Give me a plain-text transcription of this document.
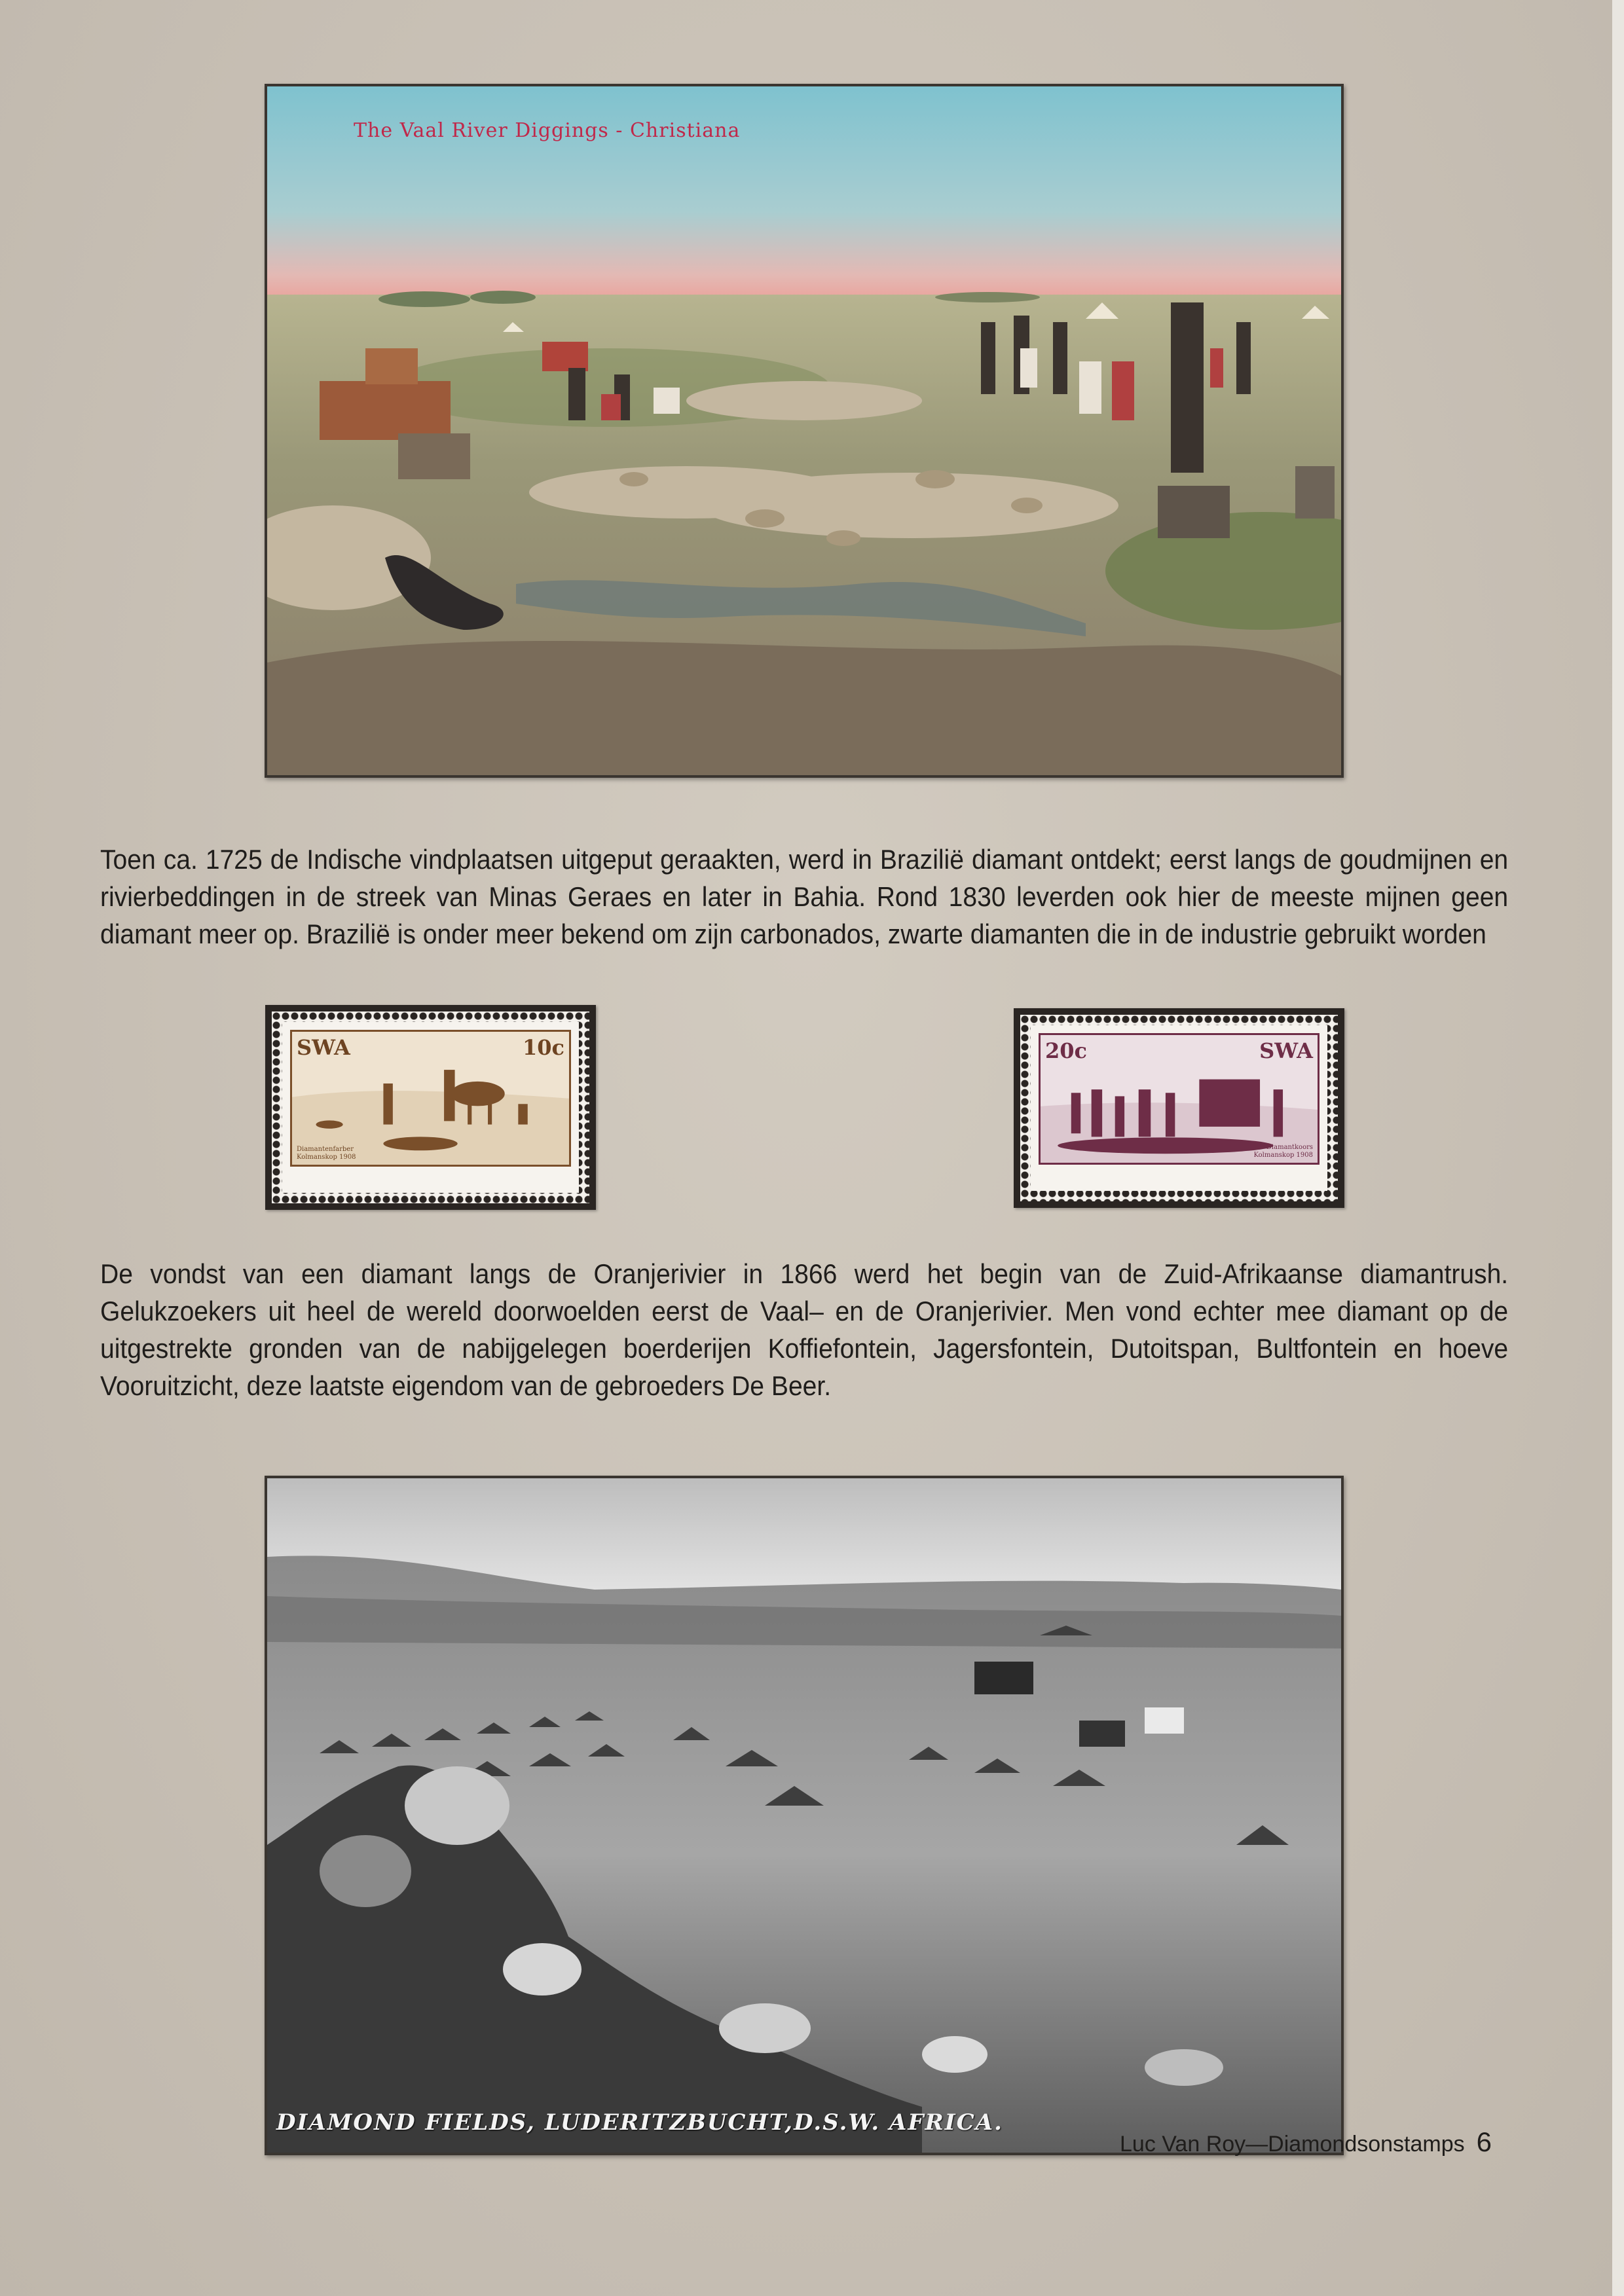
The Vaal River Diggings - Christiana
Toen ca. 1725 de Indische vindplaatsen uitgeput geraakten, werd in Brazilië diamant ontdekt; eerst langs de goudmijnen en rivierbeddingen in de streek van Minas Geraes en later in Bahia. Rond 1830 leverden ook hier de meeste mijnen geen diamant meer op. Brazilië is onder meer bekend om zijn carbonados, zwarte diamanten die in de industrie gebruikt worden
SWA	10c
Diamantenfarber
Kolmanskop 1908
20c	SWA
Diamantkoors
Kolmanskop 1908
De vondst van een diamant langs de Oranjerivier in 1866 werd het begin van de Zuid-Afrikaanse diamantrush. Gelukzoekers uit heel de wereld doorwoelden eerst de Vaal– en de Oranjerivier. Men vond echter mee diamant op de uitgestrekte gronden van de nabijgelegen boerderijen Koffiefontein, Jagersfontein, Dutoitspan, Bultfontein en hoeve Vooruitzicht, deze laatste eigendom van de gebroeders De Beer.
DIAMOND FIELDS, LUDERITZBUCHT,D.S.W. AFRICA.
Luc Van Roy—Diamondsonstamps 6
